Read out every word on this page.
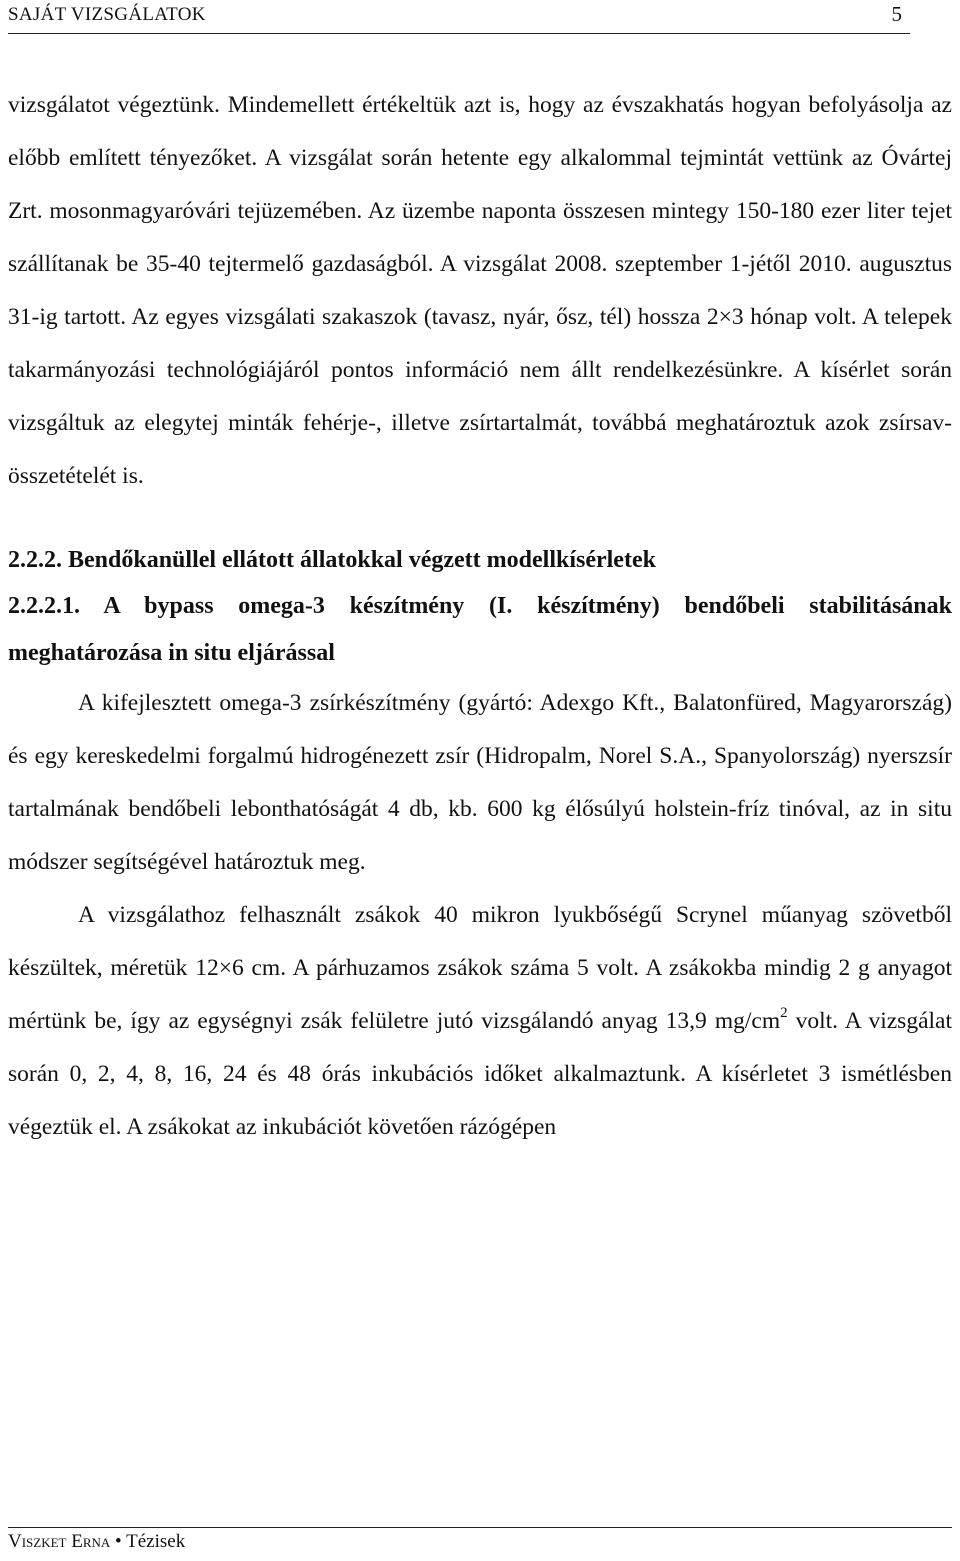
SAJÁT VIZSGÁLATOK	5

vizsgálatot végeztünk. Mindemellett értékeltük azt is, hogy az évszakhatás hogyan befolyásolja az előbb említett tényezőket. A vizsgálat során hetente egy alkalommal tejmintát vettünk az Óvártej Zrt. mosonmagyaróvári tejüzemében. Az üzembe naponta összesen mintegy 150-180 ezer liter tejet szállítanak be 35-40 tejtermelő gazdaságból. A vizsgálat 2008. szeptember 1-jétől 2010. augusztus 31-ig tartott. Az egyes vizsgálati szakaszok (tavasz, nyár, ősz, tél) hossza 2×3 hónap volt. A telepek takarmányozási technológiájáról pontos információ nem állt rendelkezésünkre. A kísérlet során vizsgáltuk az elegytej minták fehérje-, illetve zsírtartalmát, továbbá meghatároztuk azok zsírsav-összetételét is.

2.2.2. Bendőkanüllel ellátott állatokkal végzett modellkísérletek

2.2.2.1. A bypass omega-3 készítmény (I. készítmény) bendőbeli stabilitásának meghatározása in situ eljárással

A kifejlesztett omega-3 zsírkészítmény (gyártó: Adexgo Kft., Balatonfüred, Magyarország) és egy kereskedelmi forgalmú hidrogénezett zsír (Hidropalm, Norel S.A., Spanyolország) nyerszsír tartalmának bendőbeli lebonthatóságát 4 db, kb. 600 kg élősúlyú holstein-fríz tinóval, az in situ módszer segítségével határoztuk meg.

A vizsgálathoz felhasznált zsákok 40 mikron lyukbőségű Scrynel műanyag szövetből készültek, méretük 12×6 cm. A párhuzamos zsákok száma 5 volt. A zsákokba mindig 2 g anyagot mértünk be, így az egységnyi zsák felületre jutó vizsgálandó anyag 13,9 $mg/cm^2$ volt. A vizsgálat során 0, 2, 4, 8, 16, 24 és 48 órás inkubációs időket alkalmaztunk. A kísérletet 3 ismétlésben végeztük el. A zsákokat az inkubációt követően rázógépen

Viszket Erna • Tézisek
